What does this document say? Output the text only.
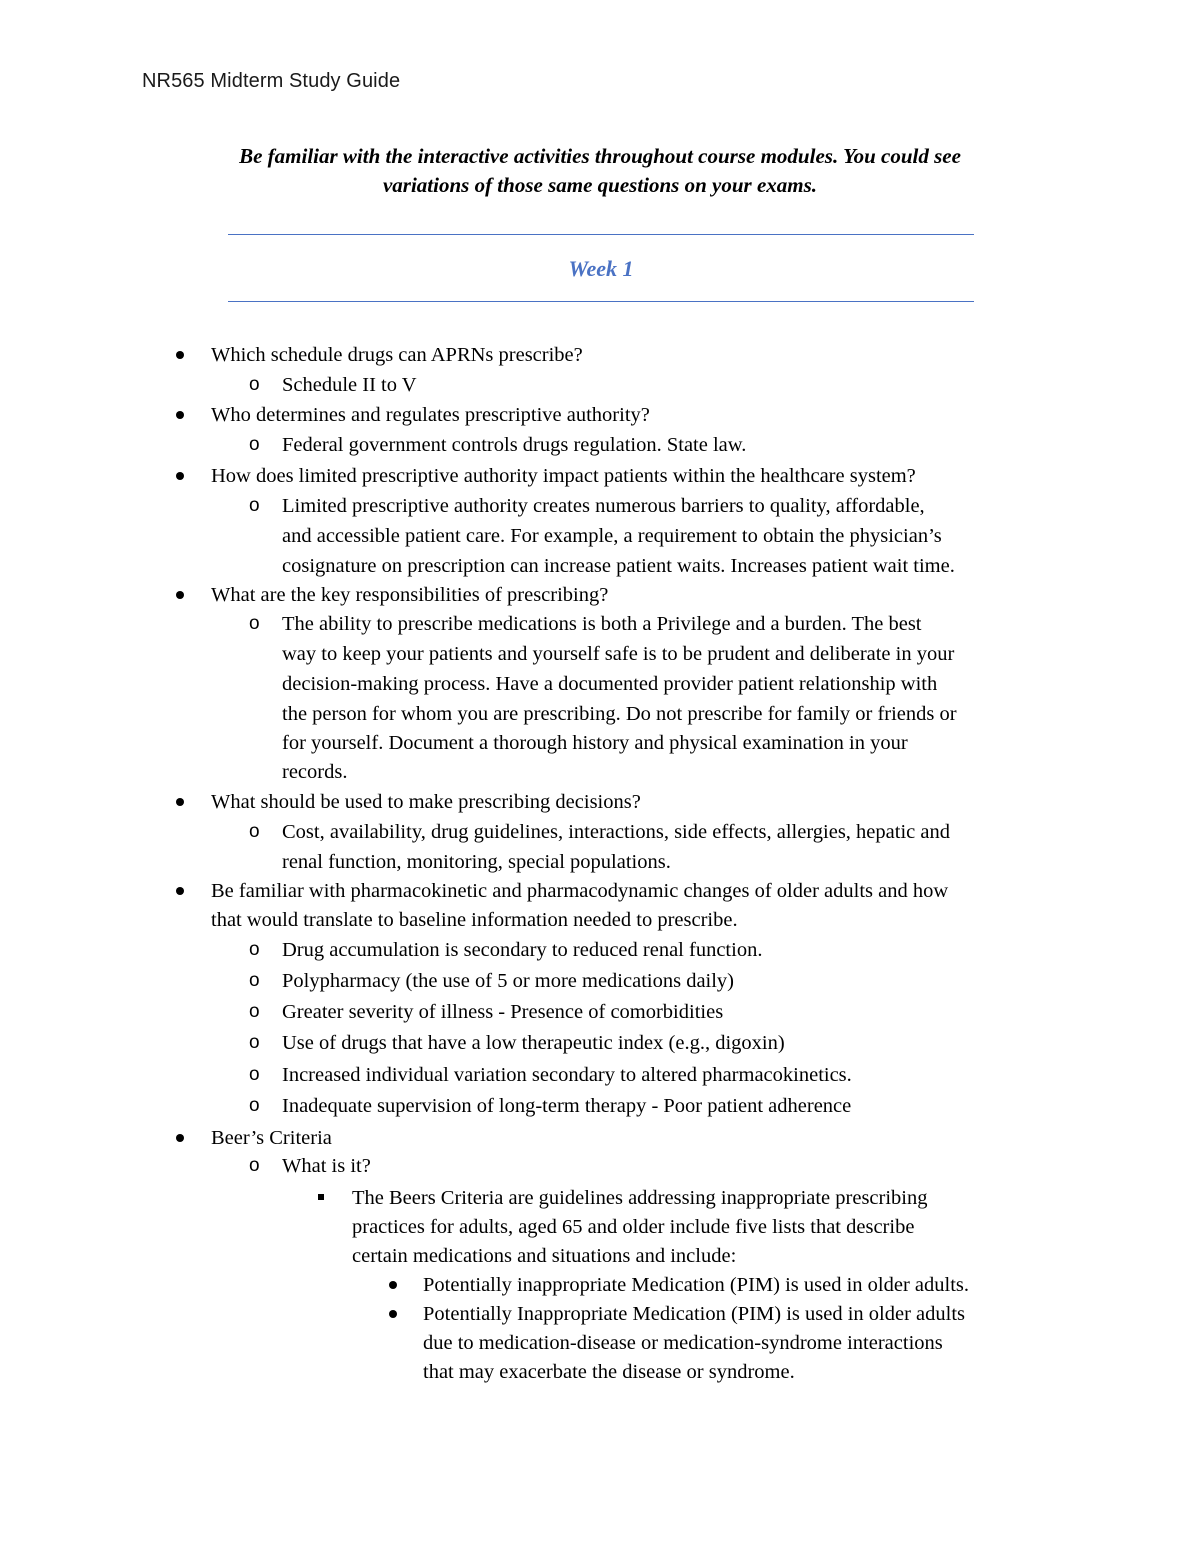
NR565 Midterm Study Guide
Be familiar with the interactive activities throughout course modules. You could see
variations of those same questions on your exams.
Week 1
Which schedule drugs can APRNs prescribe?
o Schedule II to V
Who determines and regulates prescriptive authority?
o Federal government controls drugs regulation. State law.
How does limited prescriptive authority impact patients within the healthcare system?
o Limited prescriptive authority creates numerous barriers to quality, affordable,
and accessible patient care. For example, a requirement to obtain the physician’s
cosignature on prescription can increase patient waits. Increases patient wait time.
What are the key responsibilities of prescribing?
o The ability to prescribe medications is both a Privilege and a burden. The best
way to keep your patients and yourself safe is to be prudent and deliberate in your
decision-making process. Have a documented provider patient relationship with
the person for whom you are prescribing. Do not prescribe for family or friends or
for yourself. Document a thorough history and physical examination in your
records.
What should be used to make prescribing decisions?
o Cost, availability, drug guidelines, interactions, side effects, allergies, hepatic and
renal function, monitoring, special populations.
Be familiar with pharmacokinetic and pharmacodynamic changes of older adults and how
that would translate to baseline information needed to prescribe.
o Drug accumulation is secondary to reduced renal function.
o Polypharmacy (the use of 5 or more medications daily)
o Greater severity of illness - Presence of comorbidities
o Use of drugs that have a low therapeutic index (e.g., digoxin)
o Increased individual variation secondary to altered pharmacokinetics.
o Inadequate supervision of long-term therapy - Poor patient adherence
Beer’s Criteria
o What is it?
The Beers Criteria are guidelines addressing inappropriate prescribing
practices for adults, aged 65 and older include five lists that describe
certain medications and situations and include:
Potentially inappropriate Medication (PIM) is used in older adults.
Potentially Inappropriate Medication (PIM) is used in older adults
due to medication-disease or medication-syndrome interactions
that may exacerbate the disease or syndrome.
